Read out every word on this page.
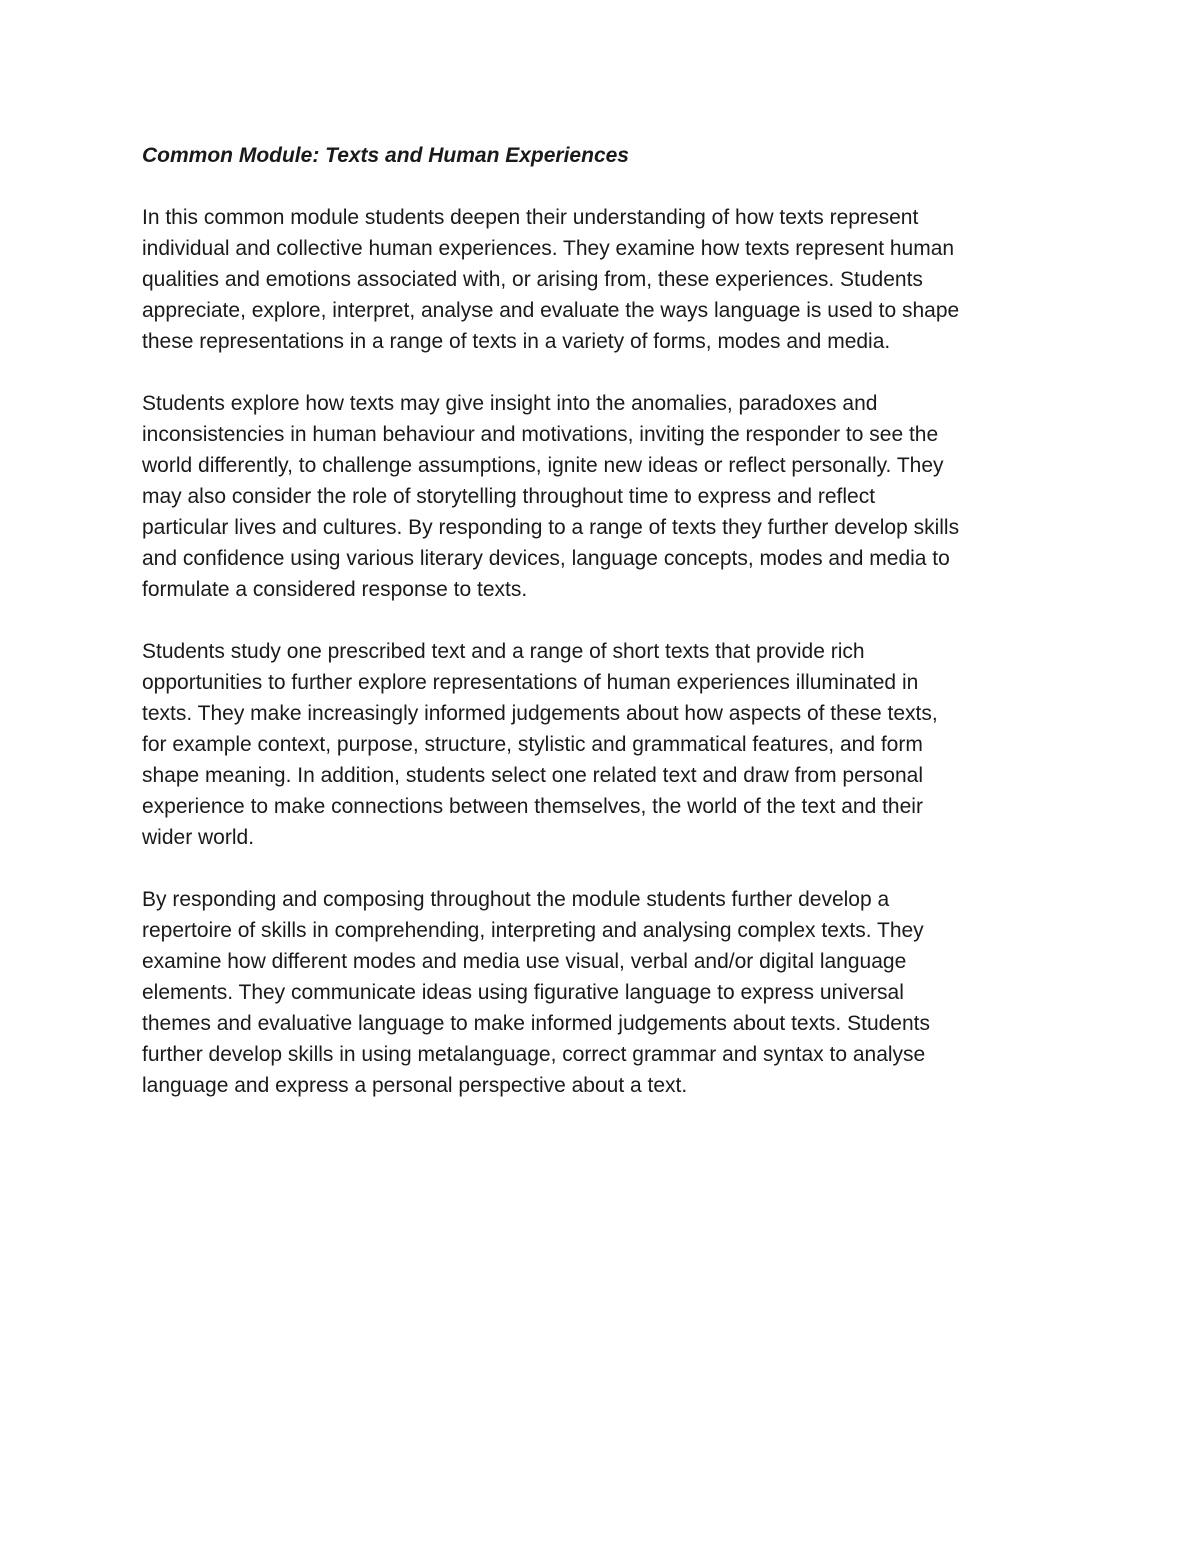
Common Module: Texts and Human Experiences

In this common module students deepen their understanding of how texts represent
individual and collective human experiences. They examine how texts represent human
qualities and emotions associated with, or arising from, these experiences. Students
appreciate, explore, interpret, analyse and evaluate the ways language is used to shape
these representations in a range of texts in a variety of forms, modes and media.

Students explore how texts may give insight into the anomalies, paradoxes and
inconsistencies in human behaviour and motivations, inviting the responder to see the
world differently, to challenge assumptions, ignite new ideas or reflect personally. They
may also consider the role of storytelling throughout time to express and reflect
particular lives and cultures. By responding to a range of texts they further develop skills
and confidence using various literary devices, language concepts, modes and media to
formulate a considered response to texts.

Students study one prescribed text and a range of short texts that provide rich
opportunities to further explore representations of human experiences illuminated in
texts. They make increasingly informed judgements about how aspects of these texts,
for example context, purpose, structure, stylistic and grammatical features, and form
shape meaning. In addition, students select one related text and draw from personal
experience to make connections between themselves, the world of the text and their
wider world.

By responding and composing throughout the module students further develop a
repertoire of skills in comprehending, interpreting and analysing complex texts. They
examine how different modes and media use visual, verbal and/or digital language
elements. They communicate ideas using figurative language to express universal
themes and evaluative language to make informed judgements about texts. Students
further develop skills in using metalanguage, correct grammar and syntax to analyse
language and express a personal perspective about a text.
